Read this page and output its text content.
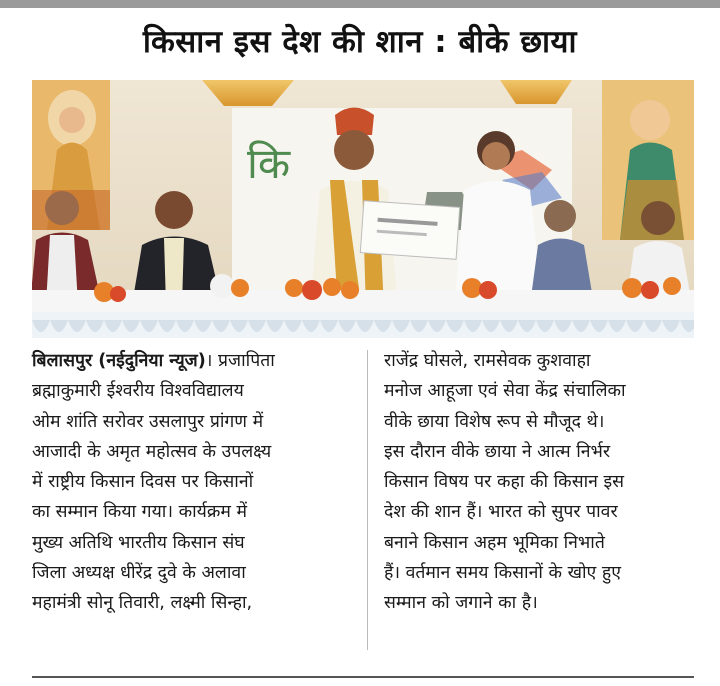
किसान इस देश की शान : बीके छाया
कि
बिलासपुर (नईदुनिया न्यूज)। प्रजापिता
ब्रह्माकुमारी ईश्वरीय विश्वविद्यालय
ओम शांति सरोवर उसलापुर प्रांगण में
आजादी के अमृत महोत्सव के उपलक्ष्य
में राष्ट्रीय किसान दिवस पर किसानों
का सम्मान किया गया। कार्यक्रम में
मुख्य अतिथि भारतीय किसान संघ
जिला अध्यक्ष धीरेंद्र दुवे के अलावा
महामंत्री सोनू तिवारी, लक्ष्मी सिन्हा,
राजेंद्र घोसले, रामसेवक कुशवाहा
मनोज आहूजा एवं सेवा केंद्र संचालिका
वीके छाया विशेष रूप से मौजूद थे।
इस दौरान वीके छाया ने आत्म निर्भर
किसान विषय पर कहा की किसान इस
देश की शान हैं। भारत को सुपर पावर
बनाने किसान अहम भूमिका निभाते
हैं। वर्तमान समय किसानों के खोए हुए
सम्मान को जगाने का है।
